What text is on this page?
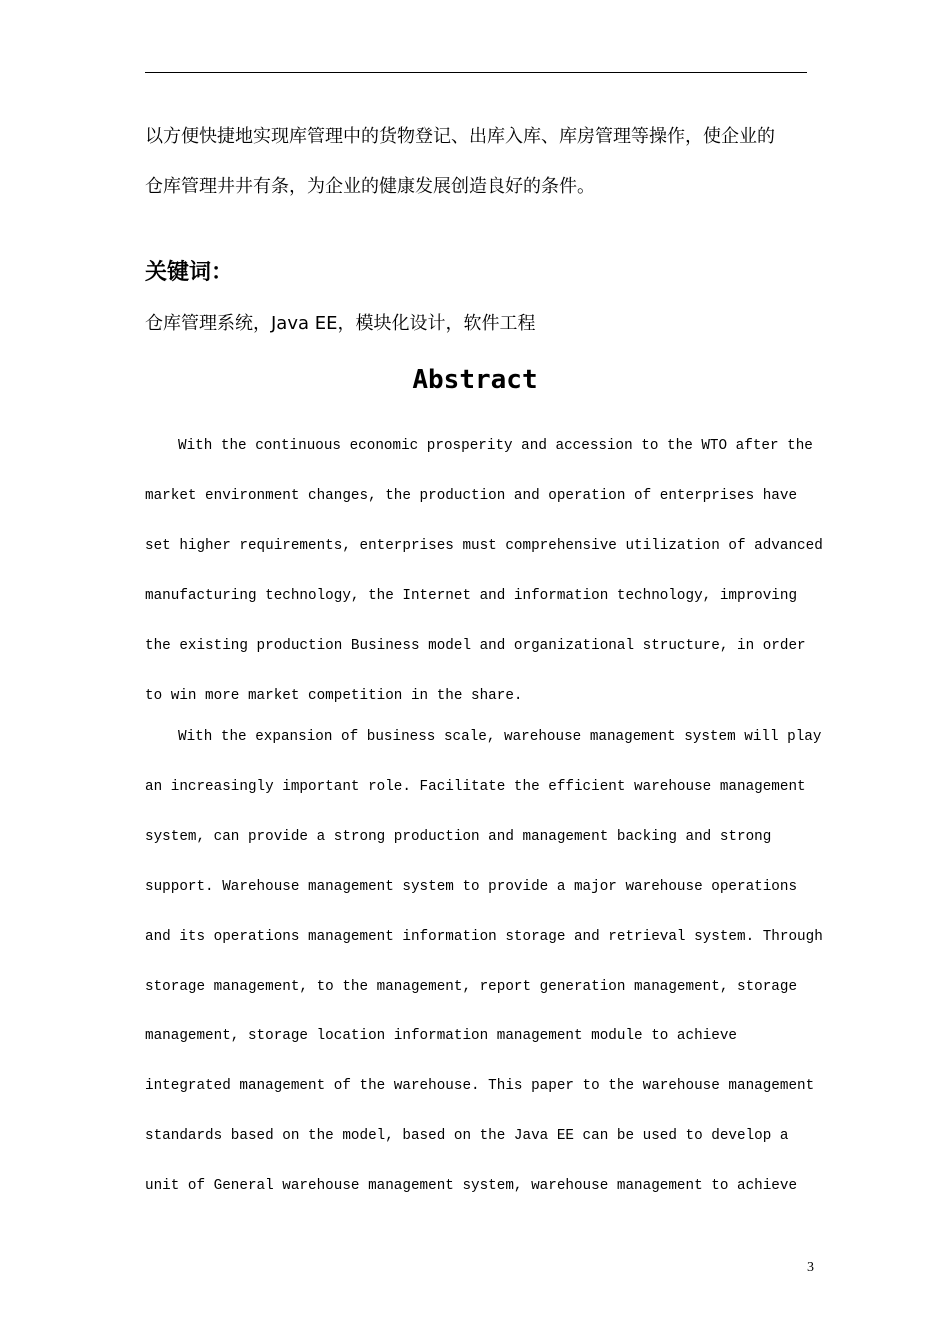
以方便快捷地实现库管理中的货物登记、出库入库、库房管理等操作，使企业的
仓库管理井井有条，为企业的健康发展创造良好的条件。
关键词：
仓库管理系统，Java EE，模块化设计，软件工程
Abstract
With the continuous economic prosperity and accession to the WTO after the
market environment changes, the production and operation of enterprises have
set higher requirements, enterprises must comprehensive utilization of advanced
manufacturing technology, the Internet and information technology, improving
the existing production Business model and organizational structure, in order
to win more market competition in the share.
With the expansion of business scale, warehouse management system will play
an increasingly important role. Facilitate the efficient warehouse management
system, can provide a strong production and management backing and strong
support. Warehouse management system to provide a major warehouse operations
and its operations management information storage and retrieval system. Through
storage management, to the management, report generation management, storage
management, storage location information management module to achieve
integrated management of the warehouse. This paper to the warehouse management
standards based on the model, based on the Java EE can be used to develop a
unit of General warehouse management system, warehouse management to achieve
3
